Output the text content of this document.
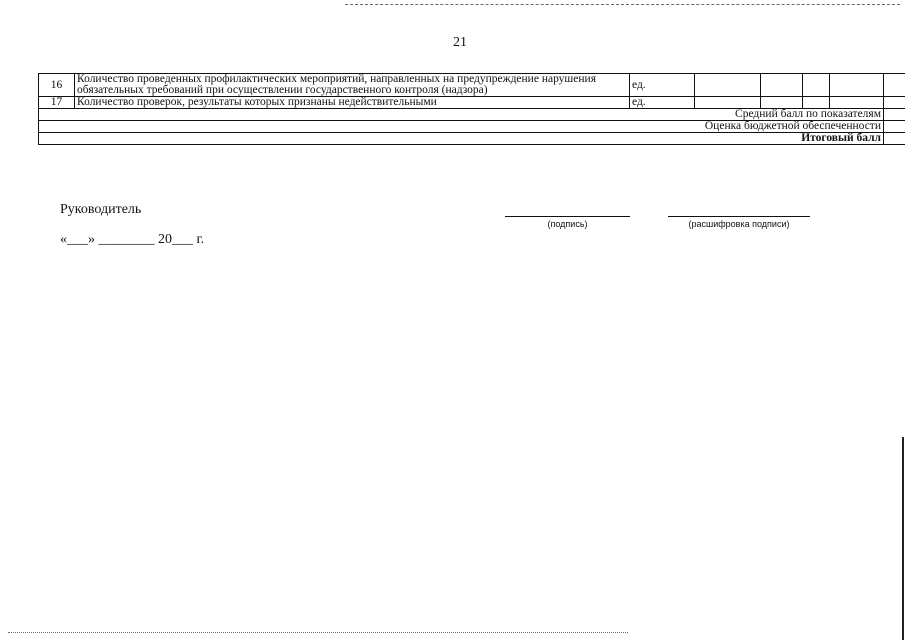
21
16	Количество проведенных профилактических мероприятий, направленных на предупреждение нарушения обязательных требований при осуществлении государственного контроля (надзора)	ед.					
17	Количество проверок, результаты которых признаны недействительными	ед.					
Средний балл по показателям							
Оценка бюджетной обеспеченности							
Итоговый балл							
Руководитель
(подпись)	(расшифровка подписи)
«___» ________ 20___ г.
